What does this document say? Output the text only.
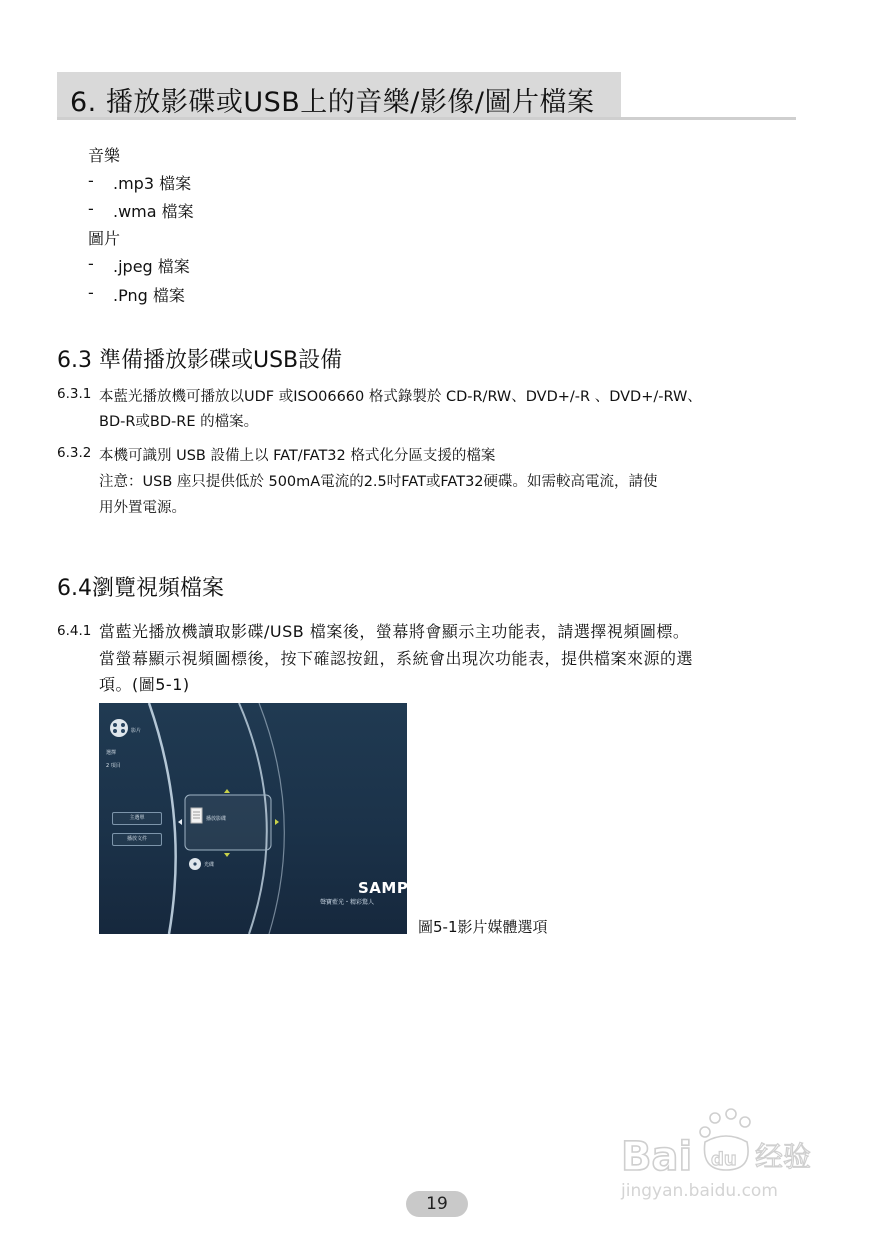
6. 播放影碟或USB上的音樂/影像/圖片檔案
音樂
- .mp3 檔案
- .wma 檔案
圖片
- .jpeg 檔案
- .Png 檔案
6.3 準備播放影碟或USB設備
6.3.1 本藍光播放機可播放以UDF 或ISO06660 格式錄製於 CD-R/RW、DVD+/-R 、DVD+/-RW、
BD-R或BD-RE 的檔案。
6.3.2 本機可識別 USB 設備上以 FAT/FAT32 格式化分區支援的檔案
注意：USB 座只提供低於 500mA電流的2.5吋FAT或FAT32硬碟。如需較高電流，請使
用外置電源。
6.4瀏覽視頻檔案
6.4.1 當藍光播放機讀取影碟/USB 檔案後，螢幕將會顯示主功能表，請選擇視頻圖標。
當螢幕顯示視頻圖標後，按下確認按鈕，系統會出現次功能表，提供檔案來源的選
項。(圖5-1)
影片
選擇
2 項目
主選單
播放文件
播放影碟
光碟
SAMPO
聲寶藍光・精彩驚人
圖5-1影片媒體選項
19
Bai du 经验
jingyan.baidu.com
